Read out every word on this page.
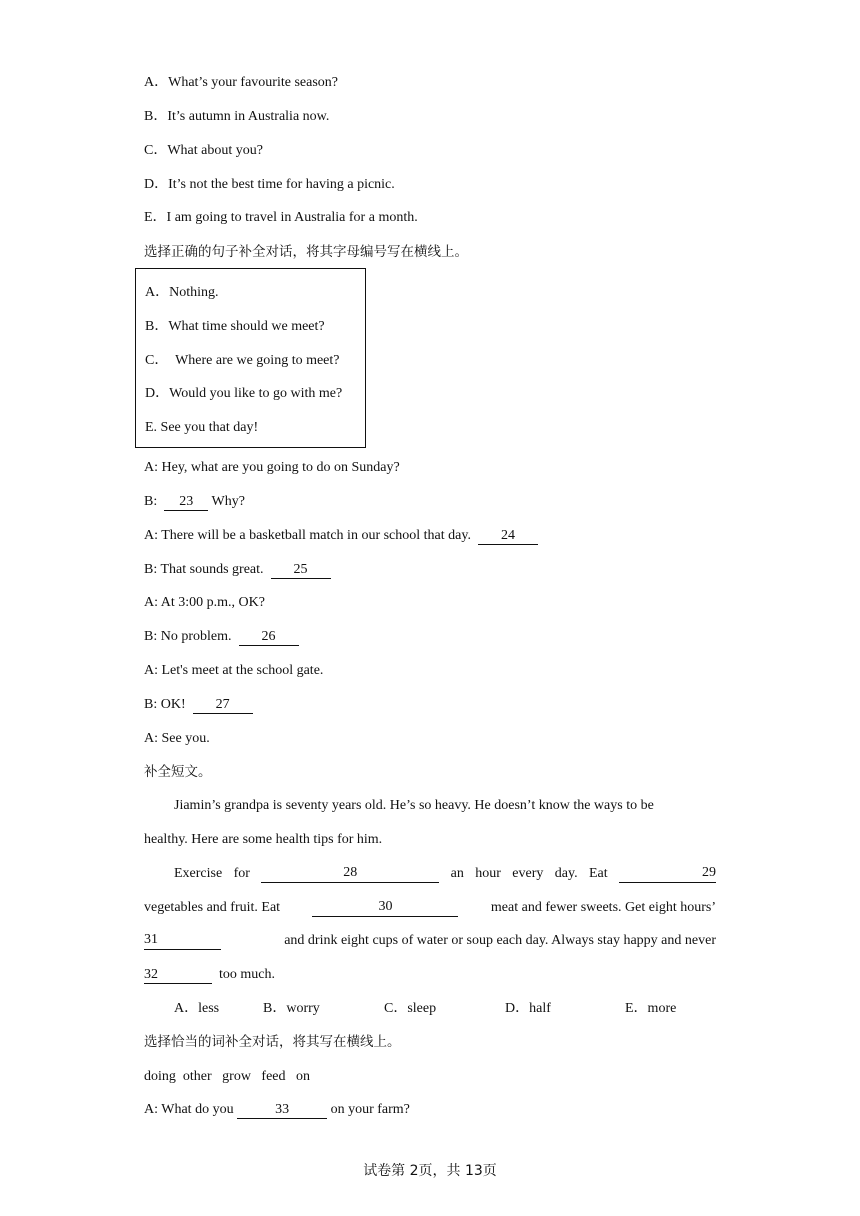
A．What’s your favourite season?
B．It’s autumn in Australia now.
C．What about you?
D．It’s not the best time for having a picnic.
E．I am going to travel in Australia for a month.
选择正确的句子补全对话，将其字母编号写在横线上。
A．Nothing.
B．What time should we meet?
C．  Where are we going to meet?
D．Would you like to go with me?
E. See you that day!
A: Hey, what are you going to do on Sunday?
B:  23 Why?
A: There will be a basketball match in our school that day.  24
B: That sounds great.  25
A: At 3:00 p.m., OK?
B: No problem.  26
A: Let's meet at the school gate.
B: OK!  27
A: See you.
补全短文。
Jiamin’s grandpa is seventy years old. He’s so heavy. He doesn’t know the ways to be
healthy. Here are some health tips for him.
Exercise for	28	an hour every day. Eat	29
vegetables and fruit. Eat	30	meat and fewer sweets. Get eight hours’
31	and drink eight cups of water or soup each day. Always stay happy and never
32	too much.
A．less	B．worry	C．sleep	D．half	E．more
选择恰当的词补全对话，将其写在横线上。
doing  other   grow   feed   on
A: What do you	33	on your farm?
试卷第 2页，共 13页
